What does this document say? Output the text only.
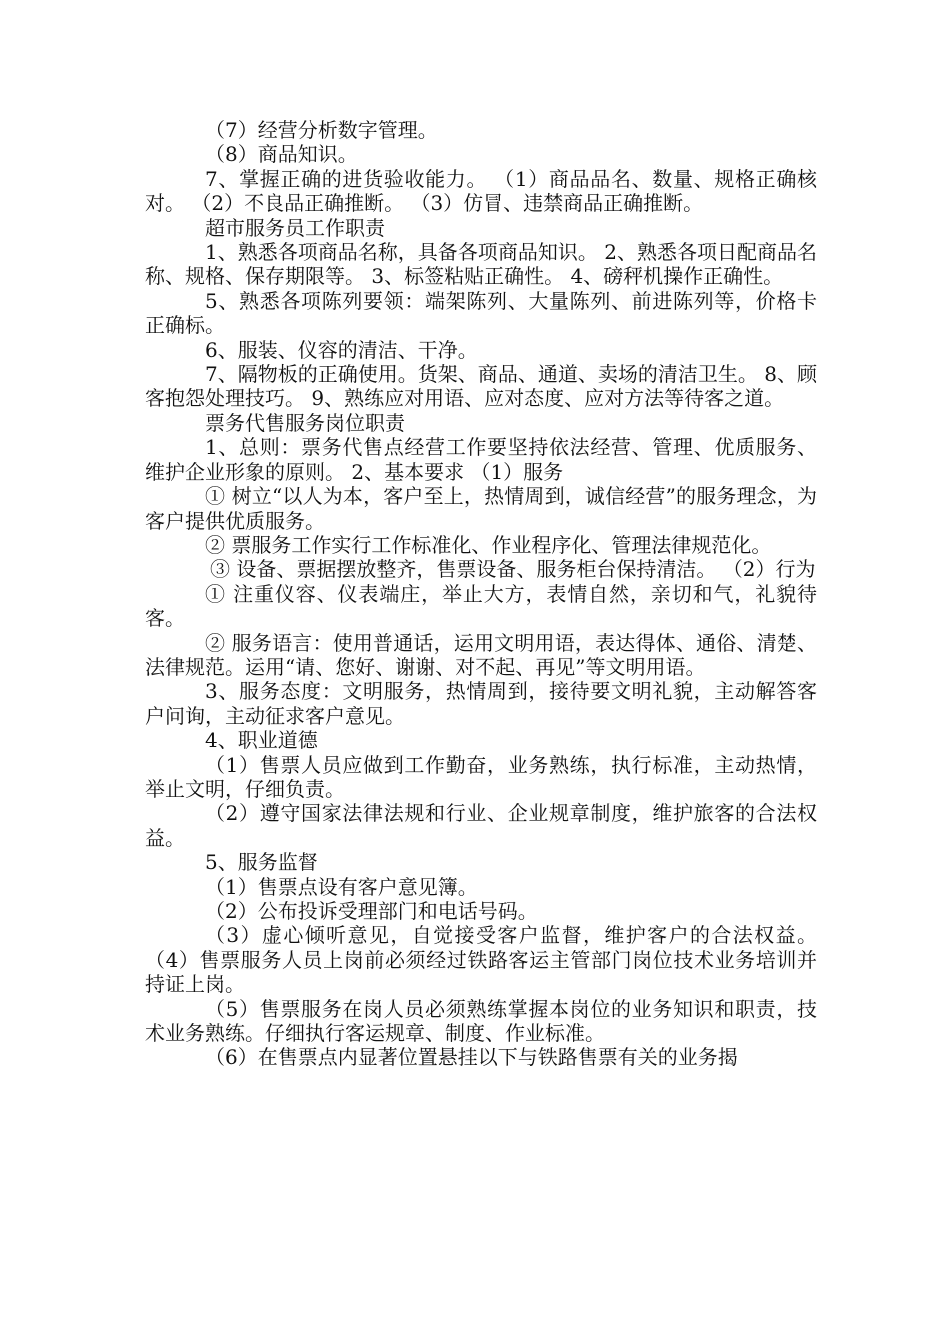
（7）经营分析数字管理。

（8）商品知识。

7、掌握正确的进货验收能力。 （1）商品品名、数量、规格正确核对。 （2）不良品正确推断。 （3）仿冒、违禁商品正确推断。

超市服务员工作职责

1、熟悉各项商品名称，具备各项商品知识。 2、熟悉各项日配商品名称、规格、保存期限等。 3、标签粘贴正确性。 4、磅秤机操作正确性。

5、熟悉各项陈列要领：端架陈列、大量陈列、前进陈列等，价格卡正确标。

6、服装、仪容的清洁、干净。

7、隔物板的正确使用。货架、商品、通道、卖场的清洁卫生。 8、顾客抱怨处理技巧。 9、熟练应对用语、应对态度、应对方法等待客之道。

票务代售服务岗位职责

1、总则：票务代售点经营工作要坚持依法经营、管理、优质服务、维护企业形象的原则。 2、基本要求 （1）服务

① 树立“以人为本，客户至上，热情周到，诚信经营”的服务理念，为客户提供优质服务。

② 票服务工作实行工作标准化、作业程序化、管理法律规范化。

③ 设备、票据摆放整齐，售票设备、服务柜台保持清洁。 （2）行为

① 注重仪容、仪表端庄，举止大方，表情自然，亲切和气，礼貌待客。

② 服务语言：使用普通话，运用文明用语，表达得体、通俗、清楚、法律规范。运用“请、您好、谢谢、对不起、再见”等文明用语。

3、服务态度：文明服务，热情周到，接待要文明礼貌，主动解答客户问询，主动征求客户意见。

4、职业道德

（1）售票人员应做到工作勤奋，业务熟练，执行标准，主动热情，举止文明，仔细负责。

（2）遵守国家法律法规和行业、企业规章制度，维护旅客的合法权益。

5、服务监督

（1）售票点设有客户意见簿。

（2）公布投诉受理部门和电话号码。

（3）虚心倾听意见，自觉接受客户监督，维护客户的合法权益。 （4）售票服务人员上岗前必须经过铁路客运主管部门岗位技术业务培训并持证上岗。

（5）售票服务在岗人员必须熟练掌握本岗位的业务知识和职责，技术业务熟练。仔细执行客运规章、制度、作业标准。

（6）在售票点内显著位置悬挂以下与铁路售票有关的业务揭
